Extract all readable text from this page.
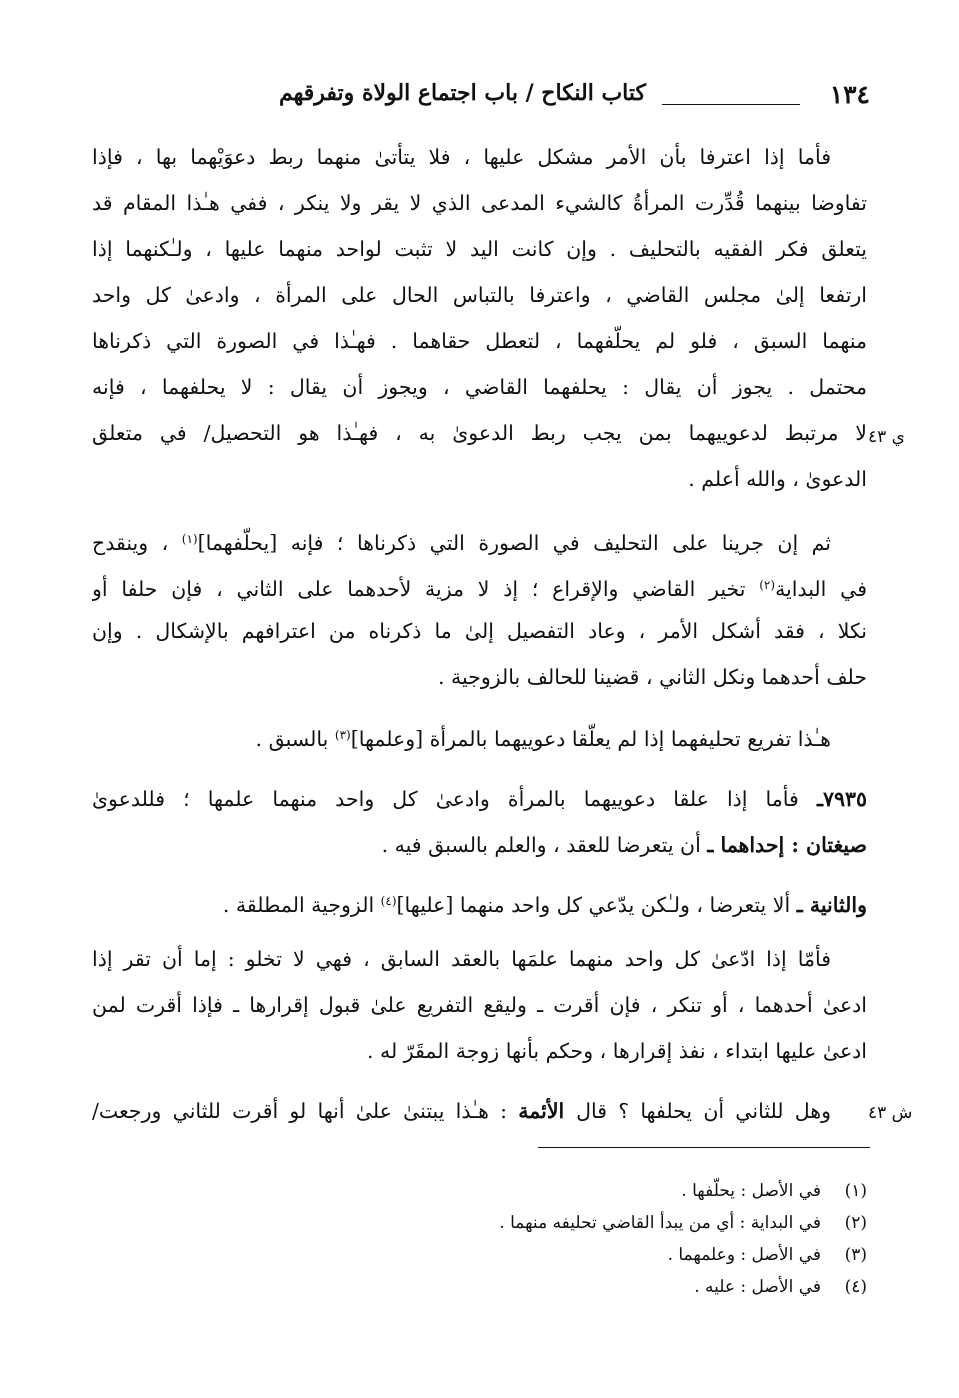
١٣٤
كتاب النكاح / باب اجتماع الولاة وتفرقهم
فأما إذا اعترفا بأن الأمر مشكل عليها ، فلا يتأتىٰ منهما ربط دعوَيْهما بها ، فإذا
تفاوضا بينهما قُدِّرت المرأةُ كالشيء المدعى الذي لا يقر ولا ينكر ، ففي هـٰذا المقام قد
يتعلق فكر الفقيه بالتحليف . وإن كانت اليد لا تثبت لواحد منهما عليها ، ولـٰكنهما إذا
ارتفعا إلىٰ مجلس القاضي ، واعترفا بالتباس الحال على المرأة ، وادعىٰ كل واحد
منهما السبق ، فلو لم يحلّفهما ، لتعطل حقاهما . فهـٰذا في الصورة التي ذكرناها
محتمل . يجوز أن يقال : يحلفهما القاضي ، ويجوز أن يقال : لا يحلفهما ، فإنه
لا مرتبط لدعوييهما بمن يجب ربط الدعوىٰ به ، فهـٰذا هو التحصيل/ في متعلق ي ٤٣
الدعوىٰ ، والله أعلم .
ثم إن جرينا على التحليف في الصورة التي ذكرناها ؛ فإنه [يحلّفهما]$^{(١)}$ ، وينقدح
في البداية$^{(٢)}$ تخير القاضي والإقراع ؛ إذ لا مزية لأحدهما على الثاني ، فإن حلفا أو
نكلا ، فقد أشكل الأمر ، وعاد التفصيل إلىٰ ما ذكرناه من اعترافهم بالإشكال . وإن
حلف أحدهما ونكل الثاني ، قضينا للحالف بالزوجية .
هـٰذا تفريع تحليفهما إذا لم يعلّقا دعوييهما بالمرأة [وعلمها]$^{(٣)}$ بالسبق .
٧٩٣٥ـ فأما إذا علقا دعوييهما بالمرأة وادعىٰ كل واحد منهما علمها ؛ فللدعوىٰ
صيغتان : إحداهما ـ أن يتعرضا للعقد ، والعلم بالسبق فيه .
والثانية ـ ألا يتعرضا ، ولـٰكن يدّعي كل واحد منهما [عليها]$^{(٤)}$ الزوجية المطلقة .
فأمّا إذا ادّعىٰ كل واحد منهما علمَها بالعقد السابق ، فهي لا تخلو : إما أن تقر إذا
ادعىٰ أحدهما ، أو تنكر ، فإن أقرت ـ وليقع التفريع علىٰ قبول إقرارها ـ فإذا أقرت لمن
ادعىٰ عليها ابتداء ، نفذ إقرارها ، وحكم بأنها زوجة المقَرّ له .
وهل للثاني أن يحلفها ؟ قال الأئمة : هـٰذا يبتنىٰ علىٰ أنها لو أقرت للثاني ورجعت/	ش ٤٣
(١)في الأصل : يحلّفها .
(٢)في البداية : أي من يبدأ القاضي تحليفه منهما .
(٣)في الأصل : وعلمهما .
(٤)في الأصل : عليه .
